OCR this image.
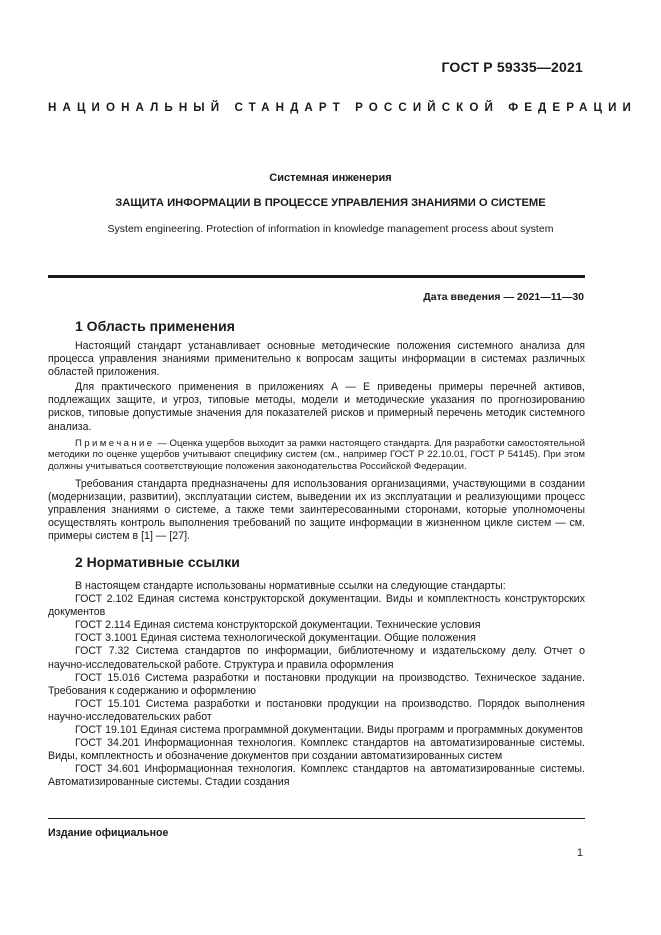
ГОСТ Р 59335—2021
НАЦИОНАЛЬНЫЙ СТАНДАРТ РОССИЙСКОЙ ФЕДЕРАЦИИ
Системная инженерия
ЗАЩИТА ИНФОРМАЦИИ В ПРОЦЕССЕ УПРАВЛЕНИЯ ЗНАНИЯМИ О СИСТЕМЕ
System engineering. Protection of information in knowledge management process about system
Дата введения — 2021—11—30
1 Область применения

Настоящий стандарт устанавливает основные методические положения системного анализа для процесса управления знаниями применительно к вопросам защиты информации в системах различных областей приложения.

Для практического применения в приложениях А — Е приведены примеры перечней активов, подлежащих защите, и угроз, типовые методы, модели и методические указания по прогнозированию рисков, типовые допустимые значения для показателей рисков и примерный перечень методик системного анализа.

Примечание — Оценка ущербов выходит за рамки настоящего стандарта. Для разработки самостоятельной методики по оценке ущербов учитывают специфику систем (см., например ГОСТ Р 22.10.01, ГОСТ Р 54145). При этом должны учитываться соответствующие положения законодательства Российской Федерации.

Требования стандарта предназначены для использования организациями, участвующими в создании (модернизации, развитии), эксплуатации систем, выведении их из эксплуатации и реализующими процесс управления знаниями о системе, а также теми заинтересованными сторонами, которые уполномочены осуществлять контроль выполнения требований по защите информации в жизненном цикле систем — см. примеры систем в [1] — [27].

2 Нормативные ссылки

В настоящем стандарте использованы нормативные ссылки на следующие стандарты:

ГОСТ 2.102 Единая система конструкторской документации. Виды и комплектность конструкторских документов

ГОСТ 2.114 Единая система конструкторской документации. Технические условия

ГОСТ 3.1001 Единая система технологической документации. Общие положения

ГОСТ 7.32 Система стандартов по информации, библиотечному и издательскому делу. Отчет о научно-исследовательской работе. Структура и правила оформления

ГОСТ 15.016 Система разработки и постановки продукции на производство. Техническое задание. Требования к содержанию и оформлению

ГОСТ 15.101 Система разработки и постановки продукции на производство. Порядок выполнения научно-исследовательских работ

ГОСТ 19.101 Единая система программной документации. Виды программ и программных документов

ГОСТ 34.201 Информационная технология. Комплекс стандартов на автоматизированные системы. Виды, комплектность и обозначение документов при создании автоматизированных систем

ГОСТ 34.601 Информационная технология. Комплекс стандартов на автоматизированные системы. Автоматизированные системы. Стадии создания

Издание официальное
1
